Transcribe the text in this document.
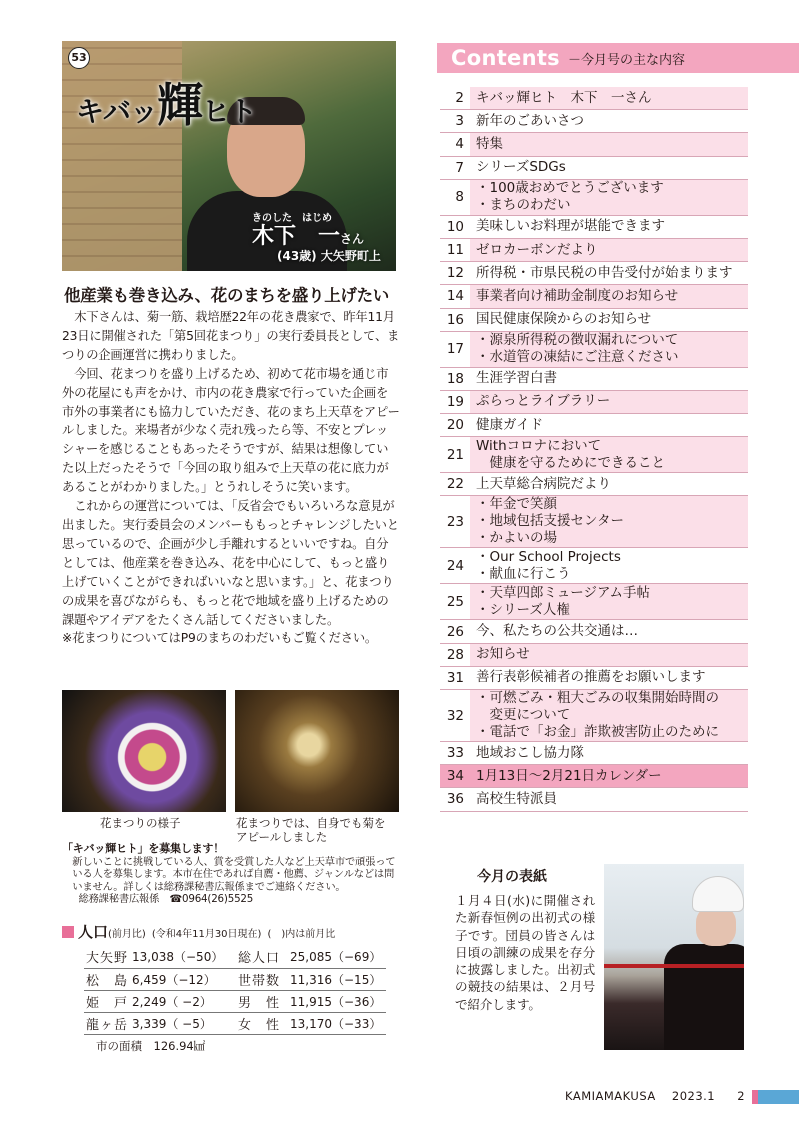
53
キバッ輝ヒト
きのした　はじめ
木下　一さん
(43歳) 大矢野町上
他産業も巻き込み、花のまちを盛り上げたい

木下さんは、菊一筋、栽培歴22年の花き農家で、昨年11月23日に開催された「第5回花まつり」の実行委員長として、まつりの企画運営に携わりました。

今回、花まつりを盛り上げるため、初めて花市場を通じ市外の花屋にも声をかけ、市内の花き農家で行っていた企画を市外の事業者にも協力していただき、花のまち上天草をアピールしました。来場者が少なく売れ残ったら等、不安とプレッシャーを感じることもあったそうですが、結果は想像していた以上だったそうで「今回の取り組みで上天草の花に底力があることがわかりました。」とうれしそうに笑います。

これからの運営については、「反省会でもいろいろな意見が出ました。実行委員会のメンバーももっとチャレンジしたいと思っているので、企画が少し手離れするといいですね。自分としては、他産業を巻き込み、花を中心にして、もっと盛り上げていくことができればいいなと思います。」と、花まつりの成果を喜びながらも、もっと花で地域を盛り上げるための課題やアイデアをたくさん話してくださいました。

※花まつりについてはP9のまちのわだいもご覧ください。

花まつりの様子	花まつりでは、自身でも菊を
アピールしました
「キバッ輝ヒト」を募集します！
新しいことに挑戦している人、賞を受賞した人など上天草市で頑張っている人を募集します。本市在住であれば自薦・他薦、ジャンルなどは問いません。詳しくは総務課秘書広報係までご連絡ください。
総務課秘書広報係　 ☎0964(26)5525
人口(前月比) (令和4年11月30日現在) (　)内は前月比
大矢野	13,038（−50）	総人口	25,085（−69）
松　島	6,459（−12）	世帯数	11,316（−15）
姫　戸	2,249（ −2）	男　性	11,915（−36）
龍ヶ岳	3,339（ −5）	女　性	13,170（−33）
市の面積　126.94㎢
Contents －今月号の主な内容
2 キバッ輝ヒト　木下　一さん
3 新年のごあいさつ
4 特集
7 シリーズSDGs
8
・100歳おめでとうございます
・まちのわだい
10 美味しいお料理が堪能できます
11 ゼロカーボンだより
12 所得税・市県民税の申告受付が始まります
14 事業者向け補助金制度のお知らせ
16 国民健康保険からのお知らせ
17
・源泉所得税の徴収漏れについて
・水道管の凍結にご注意ください
18 生涯学習白書
19 ぷらっとライブラリー
20 健康ガイド
21
Withコロナにおいて
　健康を守るためにできること
22 上天草総合病院だより
23
・年金で笑顔
・地域包括支援センター
・かよいの場
24
・Our School Projects
・献血に行こう
25
・天草四郎ミュージアム手帖
・シリーズ人権
26 今、私たちの公共交通は…
28 お知らせ
31 善行表彰候補者の推薦をお願いします
32
・可燃ごみ・粗大ごみの収集開始時間の
　変更について
・電話で「お金」詐欺被害防止のために
33 地域おこし協力隊
34 1月13日～2月21日カレンダー
36 高校生特派員
今月の表紙
１月４日(水)に開催された新春恒例の出初式の様子です。団員の皆さんは日頃の訓練の成果を存分に披露しました。出初式の競技の結果は、２月号で紹介します。
KAMIAMAKUSA　 2023.1 2
